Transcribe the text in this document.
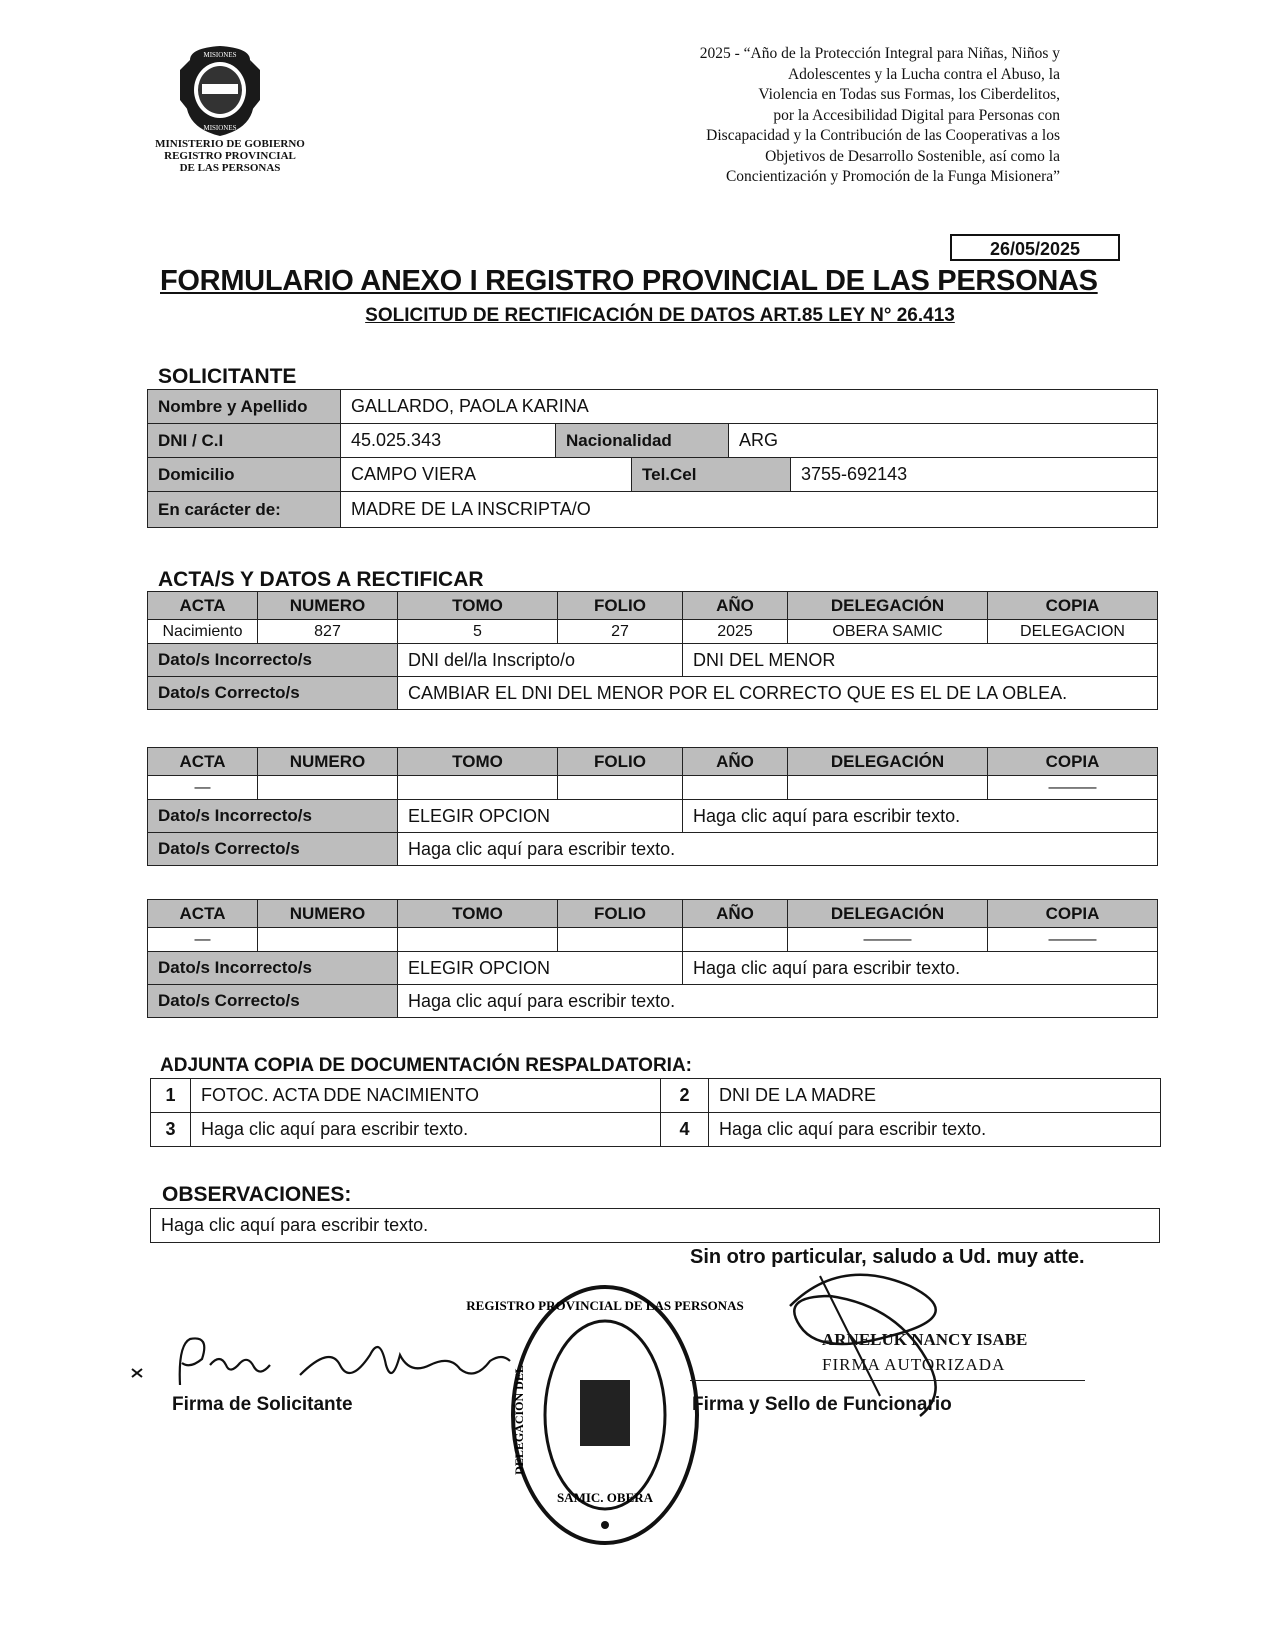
MISIONES
MISIONES
MINISTERIO DE GOBIERNO
REGISTRO PROVINCIAL
DE LAS PERSONAS
2025 - “Año de la Protección Integral para Niñas, Niños y
Adolescentes y la Lucha contra el Abuso, la
Violencia en Todas sus Formas, los Ciberdelitos,
por la Accesibilidad Digital para Personas con
Discapacidad y la Contribución de las Cooperativas a los
Objetivos de Desarrollo Sostenible, así como la
Concientización y Promoción de la Funga Misionera”
26/05/2025
FORMULARIO ANEXO I REGISTRO PROVINCIAL DE LAS PERSONAS
SOLICITUD DE RECTIFICACIÓN DE DATOS ART.85 LEY N° 26.413
SOLICITANTE
Nombre y Apellido	GALLARDO, PAOLA KARINA				
DNI / C.I	45.025.343	Nacionalidad		ARG	
Domicilio	CAMPO VIERA		Tel.Cel		3755-692143
En carácter de:	MADRE DE LA INSCRIPTA/O				
ACTA/S Y DATOS A RECTIFICAR
ACTA	NUMERO	TOMO	FOLIO	AÑO	DELEGACIÓN	COPIA
Nacimiento	827	5	27	2025	OBERA SAMIC	DELEGACION
Dato/s Incorrecto/s		DNI del/la Inscripto/o		DNI DEL MENOR		
Dato/s Correcto/s		CAMBIAR EL DNI DEL MENOR POR EL CORRECTO QUE ES EL DE LA OBLEA.				
ACTA	NUMERO	TOMO	FOLIO	AÑO	DELEGACIÓN	COPIA
—						———
Dato/s Incorrecto/s		ELEGIR OPCION		Haga clic aquí para escribir texto.		
Dato/s Correcto/s		Haga clic aquí para escribir texto.				
ACTA	NUMERO	TOMO	FOLIO	AÑO	DELEGACIÓN	COPIA
—					———	———
Dato/s Incorrecto/s		ELEGIR OPCION		Haga clic aquí para escribir texto.		
Dato/s Correcto/s		Haga clic aquí para escribir texto.				
ADJUNTA COPIA DE DOCUMENTACIÓN RESPALDATORIA:
1	FOTOC. ACTA DDE NACIMIENTO	2	DNI DE LA MADRE
3	Haga clic aquí para escribir texto.	4	Haga clic aquí para escribir texto.
OBSERVACIONES:
Haga clic aquí para escribir texto.
Sin otro particular, saludo a Ud. muy atte.
REGISTRO PROVINCIAL DE LAS PERSONAS
SAMIC. OBERA
DELEGACIÓN DEL
ARNELUK NANCY ISABE
FIRMA AUTORIZADA
Firma y Sello de Funcionario
Firma de Solicitante
